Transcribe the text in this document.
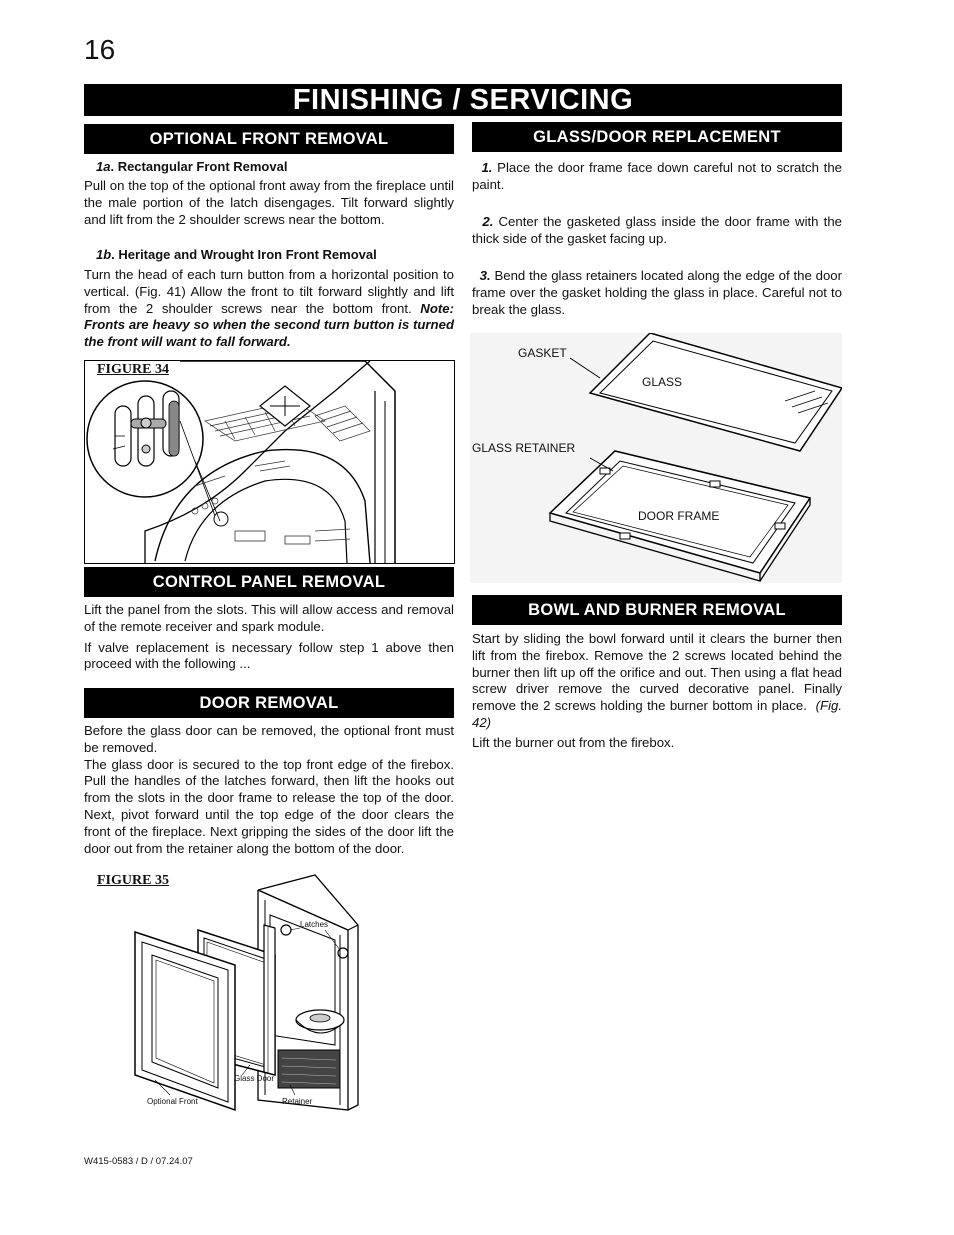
16
FINISHING / SERVICING
OPTIONAL FRONT REMOVAL
1a. Rectangular Front Removal
Pull on the top of the optional front away from the fireplace until the male portion of the latch disengages. Tilt forward slightly and lift from the 2 shoulder screws near the bottom.
1b. Heritage and Wrought Iron Front Removal
Turn the head of each turn button from a horizontal position to vertical. (Fig. 41) Allow the front to tilt forward slightly and lift from the 2 shoulder screws near the bottom front. Note: Fronts are heavy so when the second turn button is turned the front will want to fall forward.
FIGURE 34
CONTROL PANEL REMOVAL

Lift the panel from the slots. This will allow access and removal of the remote receiver and spark module.

If valve replacement is necessary follow step 1 above then proceed with the following ...

DOOR REMOVAL

Before the glass door can be removed, the optional front must be removed.

The glass door is secured to the top front edge of the firebox. Pull the handles of the latches forward, then lift the hooks out from the slots in the door frame to release the top of the door. Next, pivot forward until the top edge of the door clears the front of the fireplace. Next gripping the sides of the door lift the door out from the retainer along the bottom of the door.

FIGURE 35
Latches
Glass Door
Optional Front	Retainer
GLASS/DOOR REPLACEMENT
1. Place the door frame face down careful not to scratch the paint.
2. Center the gasketed glass inside the door frame with the thick side of the gasket facing up.
3. Bend the glass retainers located along the edge of the door frame over the gasket holding the glass in place. Careful not to break the glass.
GASKET
GLASS
GLASS RETAINER
DOOR FRAME
BOWL AND BURNER REMOVAL

Start by sliding the bowl forward until it clears the burner then lift from the firebox. Remove the 2 screws located behind the burner then lift up off the orifice and out. Then using a flat head screw driver remove the curved decorative panel. Finally remove the 2 screws holding the burner bottom in place. (Fig. 42)

Lift the burner out from the firebox.

W415-0583 / D / 07.24.07
